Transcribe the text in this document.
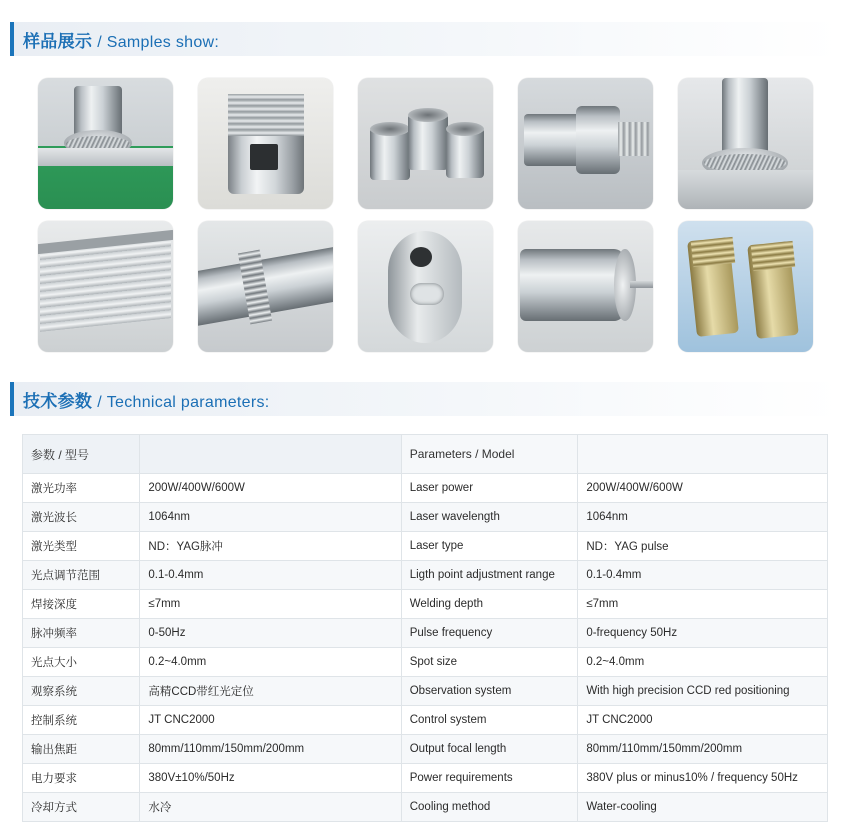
样品展示 / Samples show:
技术参数 / Technical parameters:
参数 / 型号		Parameters / Model	
激光功率	200W/400W/600W	Laser power	200W/400W/600W
激光波长	1064nm	Laser wavelength	1064nm
激光类型	ND：YAG脉冲	Laser type	ND：YAG pulse
光点调节范围	0.1-0.4mm	Ligth point adjustment range	0.1-0.4mm
焊接深度	≤7mm	Welding depth	≤7mm
脉冲频率	0-50Hz	Pulse frequency	0-frequency 50Hz
光点大小	0.2~4.0mm	Spot size	0.2~4.0mm
观察系统	高精CCD带红光定位	Observation system	With high precision CCD red positioning
控制系统	JT CNC2000	Control system	JT CNC2000
输出焦距	80mm/110mm/150mm/200mm	Output focal length	80mm/110mm/150mm/200mm
电力要求	380V±10%/50Hz	Power requirements	380V plus or minus10% / frequency 50Hz
冷却方式	水冷	Cooling method	Water-cooling
